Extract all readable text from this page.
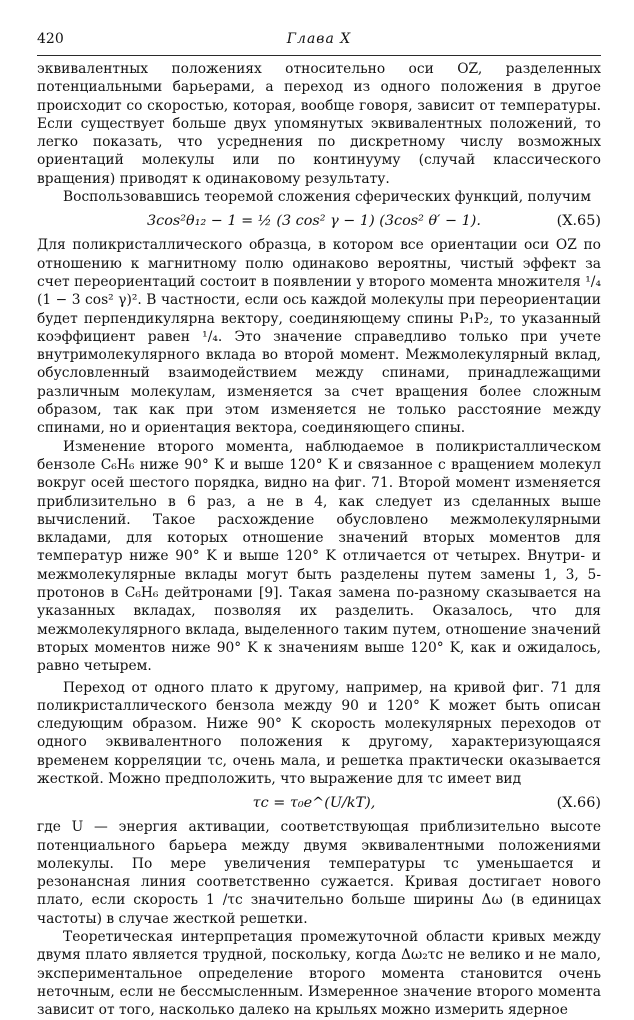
420	Глава X

эквивалентных положениях относительно оси OZ, разделенных потенциальными барьерами, а переход из одного положения в другое происходит со скоростью, которая, вообще говоря, зависит от температуры. Если существует больше двух упомянутых эквивалентных положений, то легко показать, что усреднения по дискретному числу возможных ориентаций молекулы или по континууму (случай классического вращения) приводят к одинаковому результату.

Воспользовавшись теоремой сложения сферических функций, получим

3cos²θ₁₂ − 1 = ½ (3 cos² γ − 1) (3cos² θ′ − 1).	(X.65)

Для поликристаллического образца, в котором все ориентации оси OZ по отношению к магнитному полю одинаково вероятны, чистый эффект за счет переориентаций состоит в появлении у второго момента множителя ¹/₄ (1 − 3 cos² γ)². В частности, если ось каждой молекулы при переориентации будет перпендикулярна вектору, соединяющему спины P₁P₂, то указанный коэффициент равен ¹/₄. Это значение справедливо только при учете внутримолекулярного вклада во второй момент. Межмолекулярный вклад, обусловленный взаимодействием между спинами, принадлежащими различным молекулам, изменяется за счет вращения более сложным образом, так как при этом изменяется не только расстояние между спинами, но и ориентация вектора, соединяющего спины.

Изменение второго момента, наблюдаемое в поликристаллическом бензоле C₆H₆ ниже 90° K и выше 120° K и связанное с вращением молекул вокруг осей шестого порядка, видно на фиг. 71. Второй момент изменяется приблизительно в 6 раз, а не в 4, как следует из сделанных выше вычислений. Такое расхождение обусловлено межмолекулярными вкладами, для которых отношение значений вторых моментов для температур ниже 90° K и выше 120° K отличается от четырех. Внутри- и межмолекулярные вклады могут быть разделены путем замены 1, 3, 5-протонов в C₆H₆ дейтронами [9]. Такая замена по-разному сказывается на указанных вкладах, позволяя их разделить. Оказалось, что для межмолекулярного вклада, выделенного таким путем, отношение значений вторых моментов ниже 90° K к значениям выше 120° K, как и ожидалось, равно четырем.

Переход от одного плато к другому, например, на кривой фиг. 71 для поликристаллического бензола между 90 и 120° K может быть описан следующим образом. Ниже 90° K скорость молекулярных переходов от одного эквивалентного положения к другому, характеризующаяся временем корреляции τc, очень мала, и решетка практически оказывается жесткой. Можно предположить, что выражение для τc имеет вид

τc = τ₀e^(U/kT),	(X.66)

где U — энергия активации, соответствующая приблизительно высоте потенциального барьера между двумя эквивалентными положениями молекулы. По мере увеличения температуры τc уменьшается и резонансная линия соответственно сужается. Кривая достигает нового плато, если скорость 1 /τc значительно больше ширины Δω (в единицах частоты) в случае жесткой решетки.

Теоретическая интерпретация промежуточной области кривых между двумя плато является трудной, поскольку, когда Δω₂τc не велико и не мало, экспериментальное определение второго момента становится очень неточным, если не бессмысленным. Измеренное значение второго момента зависит от того, насколько далеко на крыльях можно измерить ядерное
